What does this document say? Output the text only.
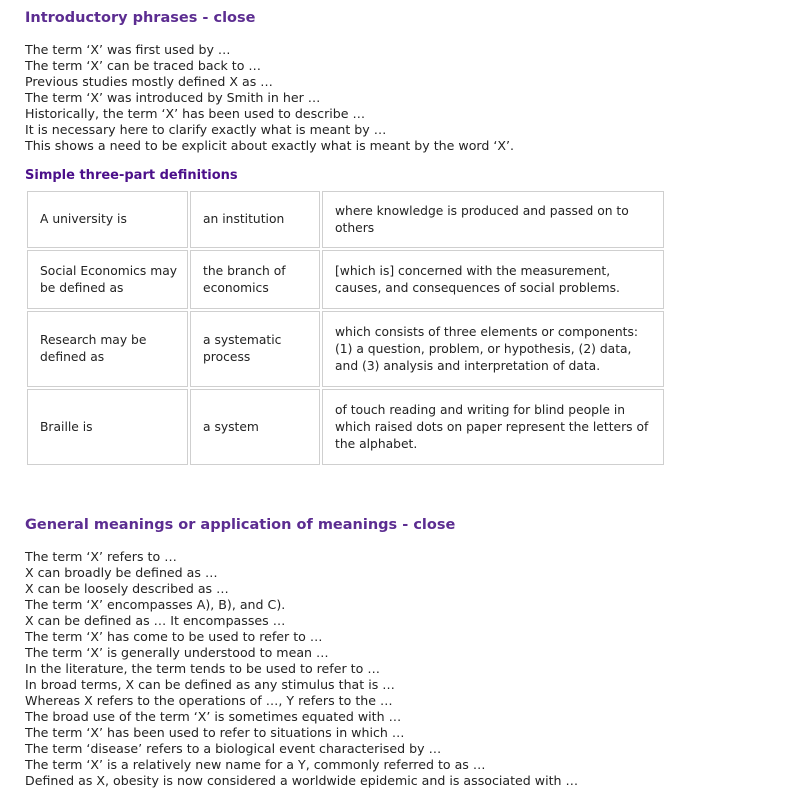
Introductory phrases - close
The term ‘X’ was first used by …
The term ‘X’ can be traced back to …
Previous studies mostly defined X as …
The term ‘X’ was introduced by Smith in her …
Historically, the term ‘X’ has been used to describe …
It is necessary here to clarify exactly what is meant by …
This shows a need to be explicit about exactly what is meant by the word ‘X’.
Simple three-part definitions
A university is	an institution	where knowledge is produced and passed on to others
Social Economics may be defined as	the branch of economics	[which is] concerned with the measurement, causes, and consequences of social problems.
Research may be defined as	a systematic process	which consists of three elements or components: (1) a question, problem, or hypothesis, (2) data, and (3) analysis and interpretation of data.
Braille is	a system	of touch reading and writing for blind people in which raised dots on paper represent the letters of the alphabet.
General meanings or application of meanings - close
The term ‘X’ refers to …
X can broadly be defined as …
X can be loosely described as …
The term ‘X’ encompasses A), B), and C).
X can be defined as … It encompasses …
The term ‘X’ has come to be used to refer to …
The term ‘X’ is generally understood to mean …
In the literature, the term tends to be used to refer to …
In broad terms, X can be defined as any stimulus that is …
Whereas X refers to the operations of …, Y refers to the …
The broad use of the term ‘X’ is sometimes equated with …
The term ‘X’ has been used to refer to situations in which …
The term ‘disease’ refers to a biological event characterised by …
The term ‘X’ is a relatively new name for a Y, commonly referred to as …
Defined as X, obesity is now considered a worldwide epidemic and is associated with …
